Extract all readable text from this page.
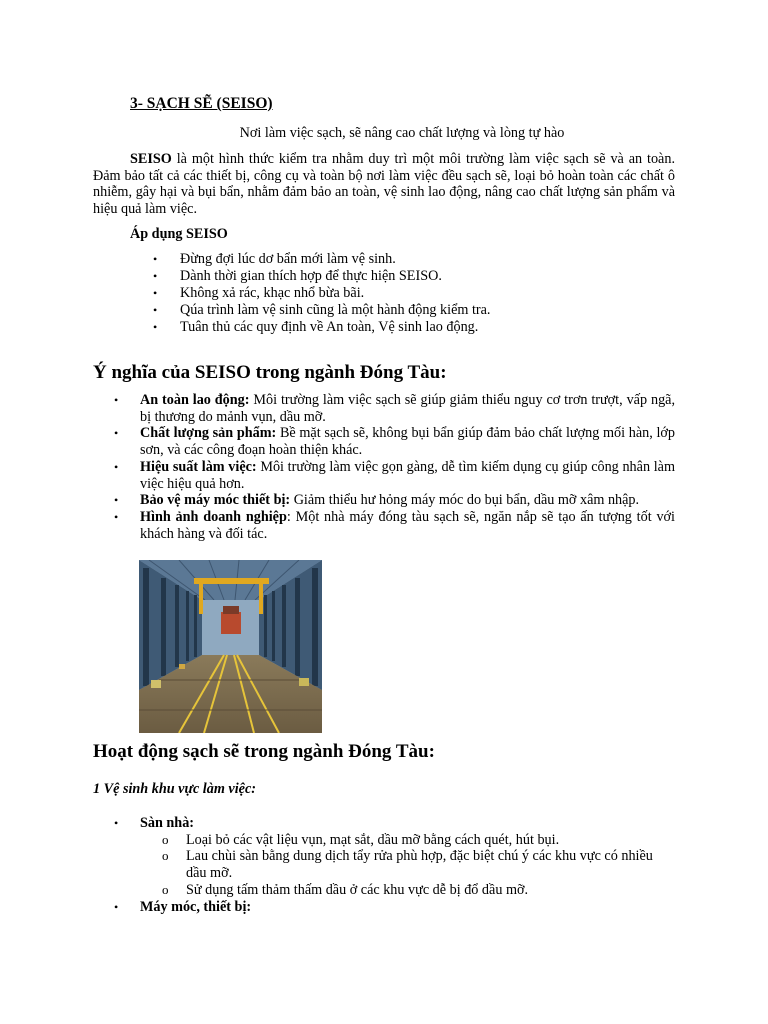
3- SẠCH SẼ (SEISO)

Nơi làm việc sạch, sẽ nâng cao chất lượng và lòng tự hào

SEISO là một hình thức kiểm tra nhằm duy trì một môi trường làm việc sạch sẽ và an toàn. Đảm bảo tất cả các thiết bị, công cụ và toàn bộ nơi làm việc đều sạch sẽ, loại bỏ hoàn toàn các chất ô nhiễm, gây hại và bụi bẩn, nhằm đảm bảo an toàn, vệ sinh lao động, nâng cao chất lượng sản phẩm và hiệu quả làm việc.

Áp dụng SEISO

• Đừng đợi lúc dơ bẩn mới làm vệ sinh.
• Dành thời gian thích hợp để thực hiện SEISO.
• Không xả rác, khạc nhổ bừa bãi.
• Qúa trình làm vệ sinh cũng là một hành động kiểm tra.
• Tuân thủ các quy định về An toàn, Vệ sinh lao động.
Ý nghĩa của SEISO trong ngành Đóng Tàu:
• An toàn lao động: Môi trường làm việc sạch sẽ giúp giảm thiểu nguy cơ trơn trượt, vấp ngã, bị thương do mảnh vụn, dầu mỡ.
• Chất lượng sản phẩm: Bề mặt sạch sẽ, không bụi bẩn giúp đảm bảo chất lượng mối hàn, lớp sơn, và các công đoạn hoàn thiện khác.
• Hiệu suất làm việc: Môi trường làm việc gọn gàng, dễ tìm kiếm dụng cụ giúp công nhân làm việc hiệu quả hơn.
• Bảo vệ máy móc thiết bị: Giảm thiểu hư hỏng máy móc do bụi bẩn, dầu mỡ xâm nhập.
• Hình ảnh doanh nghiệp: Một nhà máy đóng tàu sạch sẽ, ngăn nắp sẽ tạo ấn tượng tốt với khách hàng và đối tác.
Hoạt động sạch sẽ trong ngành Đóng Tàu:

1 Vệ sinh khu vực làm việc:

• Sàn nhà:
o Loại bỏ các vật liệu vụn, mạt sắt, dầu mỡ bằng cách quét, hút bụi.
o Lau chùi sàn bằng dung dịch tẩy rửa phù hợp, đặc biệt chú ý các khu vực có nhiều dầu mỡ.
o Sử dụng tấm thảm thấm dầu ở các khu vực dễ bị đổ dầu mỡ.
• Máy móc, thiết bị:
